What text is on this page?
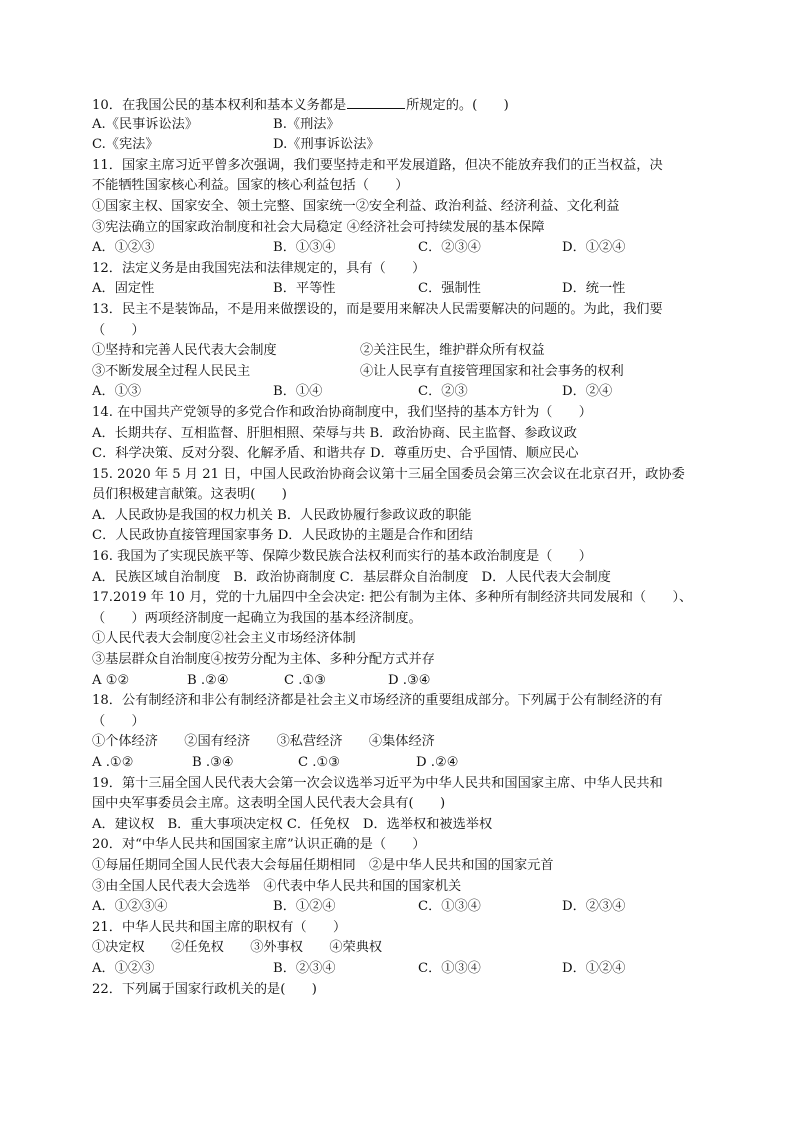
10．在我国公民的基本权利和基本义务都是	所规定的。(　　)
A.《民事诉讼法》	B.《刑法》
C.《宪法》	D.《刑事诉讼法》
11．国家主席习近平曾多次强调，我们要坚持走和平发展道路，但决不能放弃我们的正当权益，决
不能牺牲国家核心利益。国家的核心利益包括（　　）
①国家主权、国家安全、领土完整、国家统一②安全利益、政治利益、经济利益、文化利益
③宪法确立的国家政治制度和社会大局稳定 ④经济社会可持续发展的基本保障
A．①②③	B．①③④	C．②③④	D．①②④
12．法定义务是由我国宪法和法律规定的，具有（　　）
A．固定性	B．平等性	C．强制性	D．统一性
13．民主不是装饰品，不是用来做摆设的，而是要用来解决人民需要解决的问题的。为此，我们要
（　　）
①坚持和完善人民代表大会制度	②关注民生，维护群众所有权益
③不断发展全过程人民民主	④让人民享有直接管理国家和社会事务的权利
A．①③	B．①④	C．②③	D．②④
14. 在中国共产党领导的多党合作和政治协商制度中，我们坚持的基本方针为（　　）
A．长期共存、互相监督、肝胆相照、荣辱与共 B．政治协商、民主监督、参政议政
C．科学决策、反对分裂、化解矛盾、和谐共存 D．尊重历史、合乎国情、顺应民心
15. 2020 年 5 月 21 日，中国人民政治协商会议第十三届全国委员会第三次会议在北京召开，政协委
员们积极建言献策。这表明(　　)
A．人民政协是我国的权力机关 B．人民政协履行参政议政的职能
C．人民政协直接管理国家事务 D．人民政协的主题是合作和团结
16. 我国为了实现民族平等、保障少数民族合法权利而实行的基本政治制度是（　　）
A．民族区域自治制度　B．政治协商制度 C．基层群众自治制度　D．人民代表大会制度
17.2019 年 10 月，党的十九届四中全会决定: 把公有制为主体、多种所有制经济共同发展和（　　）、
（　　）两项经济制度一起确立为我国的基本经济制度。
①人民代表大会制度②社会主义市场经济体制
③基层群众自治制度④按劳分配为主体、多种分配方式并存
A ①②	B .②④	C .①③	D .③④
18．公有制经济和非公有制经济都是社会主义市场经济的重要组成部分。下列属于公有制经济的有
（　　）
①个体经济　　②国有经济　　③私营经济　　④集体经济
A .①②	B .③④	C .①③	D .②④
19．第十三届全国人民代表大会第一次会议选举习近平为中华人民共和国国家主席、中华人民共和
国中央军事委员会主席。这表明全国人民代表大会具有(　　)
A．建议权　B．重大事项决定权 C．任免权　D．选举权和被选举权
20．对“中华人民共和国国家主席”认识正确的是（　　）
①每届任期同全国人民代表大会每届任期相同　②是中华人民共和国的国家元首
③由全国人民代表大会选举　④代表中华人民共和国的国家机关
A．①②③④	B．①②④	C．①③④	D．②③④
21．中华人民共和国主席的职权有（　　）
①决定权　　②任免权　　③外事权　　④荣典权
A．①②③	B．②③④	C．①③④	D．①②④
22．下列属于国家行政机关的是(　　)
